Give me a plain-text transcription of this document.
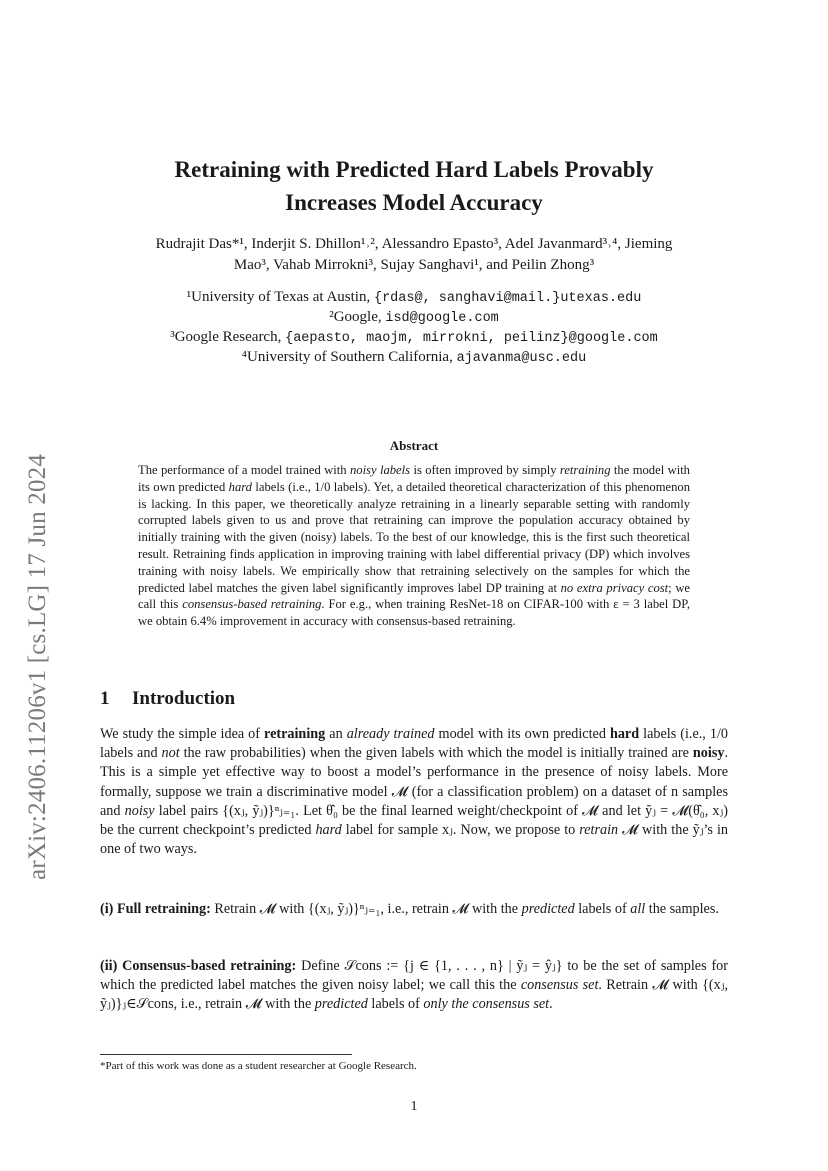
arXiv:2406.11206v1 [cs.LG] 17 Jun 2024
Retraining with Predicted Hard Labels Provably
Increases Model Accuracy
Rudrajit Das*¹, Inderjit S. Dhillon¹˒², Alessandro Epasto³, Adel Javanmard³˒⁴, Jieming
Mao³, Vahab Mirrokni³, Sujay Sanghavi¹, and Peilin Zhong³
¹University of Texas at Austin, {rdas@, sanghavi@mail.}utexas.edu
²Google, isd@google.com
³Google Research, {aepasto, maojm, mirrokni, peilinz}@google.com
⁴University of Southern California, ajavanma@usc.edu
Abstract
The performance of a model trained with noisy labels is often improved by simply retraining the model with its own predicted hard labels (i.e., 1/0 labels). Yet, a detailed theoretical characterization of this phenomenon is lacking. In this paper, we theoretically analyze retraining in a linearly separable setting with randomly corrupted labels given to us and prove that retraining can improve the population accuracy obtained by initially training with the given (noisy) labels. To the best of our knowledge, this is the first such theoretical result. Retraining finds application in improving training with label differential privacy (DP) which involves training with noisy labels. We empirically show that retraining selectively on the samples for which the predicted label matches the given label significantly improves label DP training at no extra privacy cost; we call this consensus-based retraining. For e.g., when training ResNet-18 on CIFAR-100 with ε = 3 label DP, we obtain 6.4% improvement in accuracy with consensus-based retraining.
1 Introduction
We study the simple idea of retraining an already trained model with its own predicted hard labels (i.e., 1/0 labels and not the raw probabilities) when the given labels with which the model is initially trained are noisy. This is a simple yet effective way to boost a model’s performance in the presence of noisy labels. More formally, suppose we train a discriminative model 𝓜 (for a classification problem) on a dataset of n samples and noisy label pairs {(xⱼ, ỹⱼ)}ⁿⱼ₌₁. Let θ̂₀ be the final learned weight/checkpoint of 𝓜 and let ỹⱼ = 𝓜(θ̂₀, xⱼ) be the current checkpoint’s predicted hard label for sample xⱼ. Now, we propose to retrain 𝓜 with the ỹⱼ’s in one of two ways.
(i) Full retraining: Retrain 𝓜 with {(xⱼ, ỹⱼ)}ⁿⱼ₌₁, i.e., retrain 𝓜 with the predicted labels of all the samples.
(ii) Consensus-based retraining: Define 𝒮cons := {j ∈ {1, . . . , n} | ỹⱼ = ŷⱼ} to be the set of samples for which the predicted label matches the given noisy label; we call this the consensus set. Retrain 𝓜 with {(xⱼ, ỹⱼ)}ⱼ∈𝒮cons, i.e., retrain 𝓜 with the predicted labels of only the consensus set.
*Part of this work was done as a student researcher at Google Research.
1
